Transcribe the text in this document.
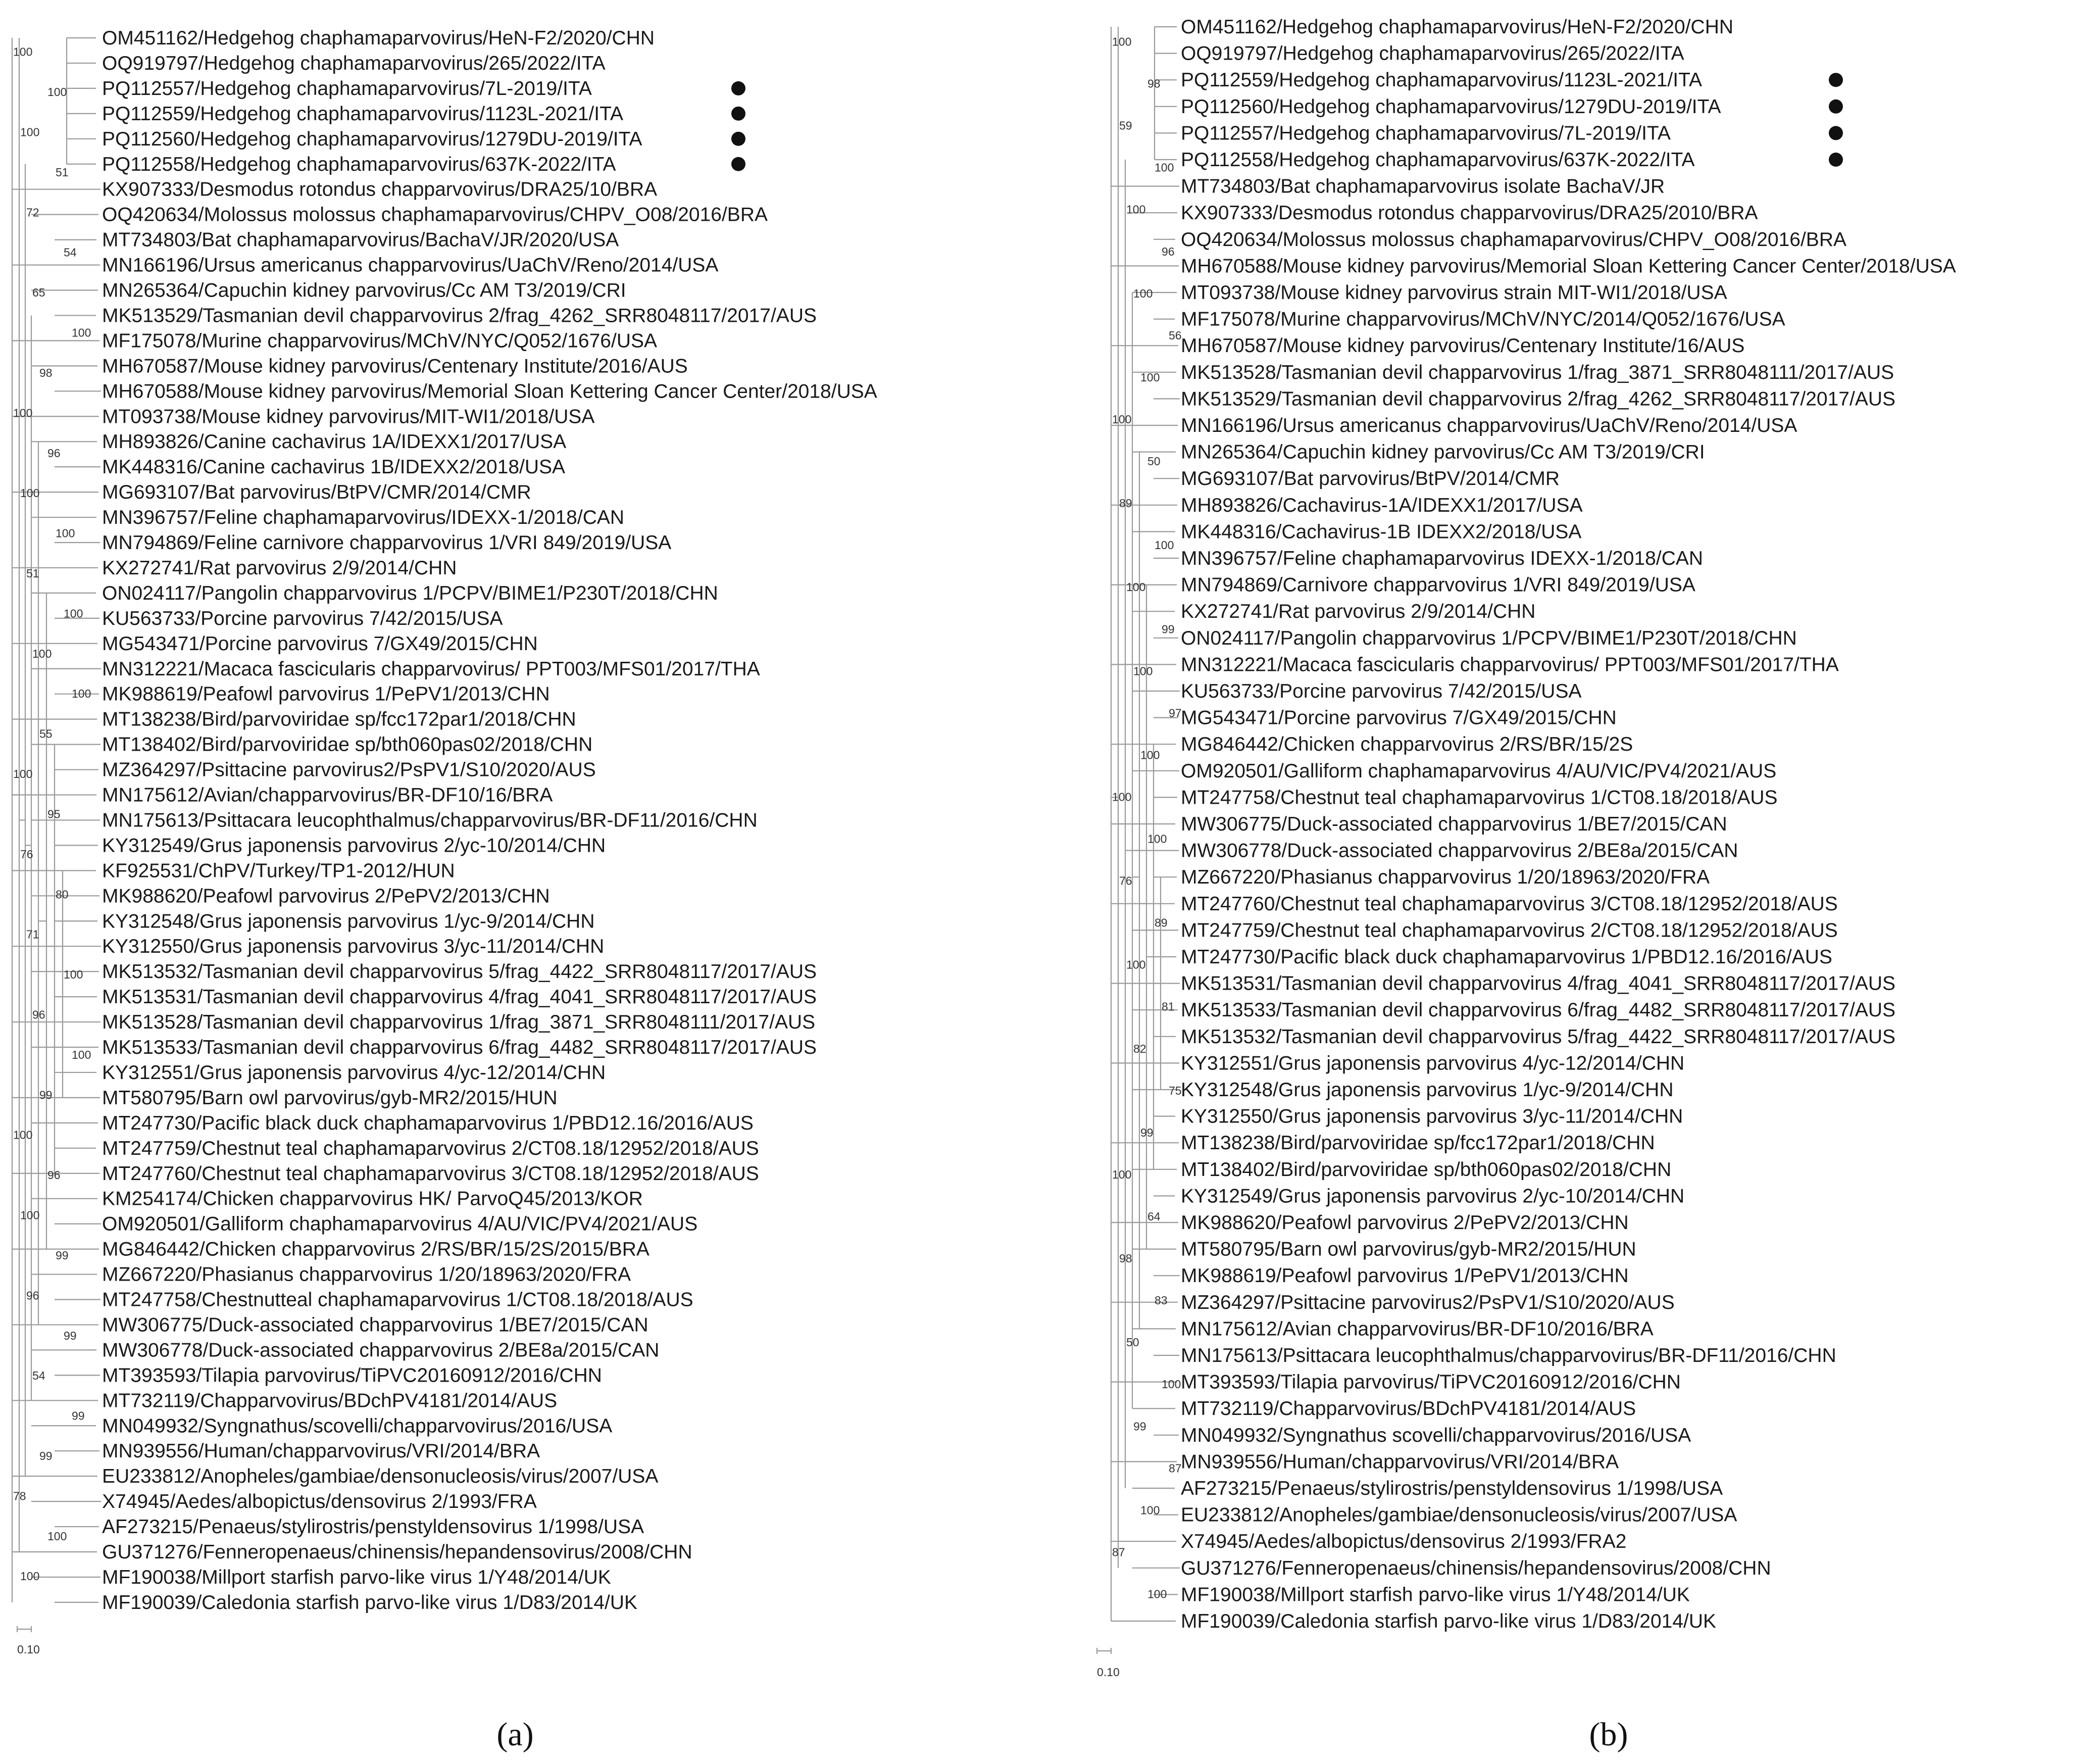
OM451162/Hedgehog chaphamaparvovirus/HeN-F2/2020/CHN
OQ919797/Hedgehog chaphamaparvovirus/265/2022/ITA
PQ112557/Hedgehog chaphamaparvovirus/7L-2019/ITA
PQ112559/Hedgehog chaphamaparvovirus/1123L-2021/ITA
PQ112560/Hedgehog chaphamaparvovirus/1279DU-2019/ITA
PQ112558/Hedgehog chaphamaparvovirus/637K-2022/ITA
KX907333/Desmodus rotondus chapparvovirus/DRA25/10/BRA
OQ420634/Molossus molossus chaphamaparvovirus/CHPV_O08/2016/BRA
MT734803/Bat chaphamaparvovirus/BachaV/JR/2020/USA
MN166196/Ursus americanus chapparvovirus/UaChV/Reno/2014/USA
MN265364/Capuchin kidney parvovirus/Cc AM T3/2019/CRI
MK513529/Tasmanian devil chapparvovirus 2/frag_4262_SRR8048117/2017/AUS
MF175078/Murine chapparvovirus/MChV/NYC/Q052/1676/USA
MH670587/Mouse kidney parvovirus/Centenary Institute/2016/AUS
MH670588/Mouse kidney parvovirus/Memorial Sloan Kettering Cancer Center/2018/USA
MT093738/Mouse kidney parvovirus/MIT-WI1/2018/USA
MH893826/Canine cachavirus 1A/IDEXX1/2017/USA
MK448316/Canine cachavirus 1B/IDEXX2/2018/USA
MG693107/Bat parvovirus/BtPV/CMR/2014/CMR
MN396757/Feline chaphamaparvovirus/IDEXX-1/2018/CAN
MN794869/Feline carnivore chapparvovirus 1/VRI 849/2019/USA
KX272741/Rat parvovirus 2/9/2014/CHN
ON024117/Pangolin chapparvovirus 1/PCPV/BIME1/P230T/2018/CHN
KU563733/Porcine parvovirus 7/42/2015/USA
MG543471/Porcine parvovirus 7/GX49/2015/CHN
MN312221/Macaca fascicularis chapparvovirus/ PPT003/MFS01/2017/THA
MK988619/Peafowl parvovirus 1/PePV1/2013/CHN
MT138238/Bird/parvoviridae sp/fcc172par1/2018/CHN
MT138402/Bird/parvoviridae sp/bth060pas02/2018/CHN
MZ364297/Psittacine parvovirus2/PsPV1/S10/2020/AUS
MN175612/Avian/chapparvovirus/BR-DF10/16/BRA
MN175613/Psittacara leucophthalmus/chapparvovirus/BR-DF11/2016/CHN
KY312549/Grus japonensis parvovirus 2/yc-10/2014/CHN
KF925531/ChPV/Turkey/TP1-2012/HUN
MK988620/Peafowl parvovirus 2/PePV2/2013/CHN
KY312548/Grus japonensis parvovirus 1/yc-9/2014/CHN
KY312550/Grus japonensis parvovirus 3/yc-11/2014/CHN
MK513532/Tasmanian devil chapparvovirus 5/frag_4422_SRR8048117/2017/AUS
MK513531/Tasmanian devil chapparvovirus 4/frag_4041_SRR8048117/2017/AUS
MK513528/Tasmanian devil chapparvovirus 1/frag_3871_SRR8048111/2017/AUS
MK513533/Tasmanian devil chapparvovirus 6/frag_4482_SRR8048117/2017/AUS
KY312551/Grus japonensis parvovirus 4/yc-12/2014/CHN
MT580795/Barn owl parvovirus/gyb-MR2/2015/HUN
MT247730/Pacific black duck chaphamaparvovirus 1/PBD12.16/2016/AUS
MT247759/Chestnut teal chaphamaparvovirus 2/CT08.18/12952/2018/AUS
MT247760/Chestnut teal chaphamaparvovirus 3/CT08.18/12952/2018/AUS
KM254174/Chicken chapparvovirus HK/ ParvoQ45/2013/KOR
OM920501/Galliform chaphamaparvovirus 4/AU/VIC/PV4/2021/AUS
MG846442/Chicken chapparvovirus 2/RS/BR/15/2S/2015/BRA
MZ667220/Phasianus chapparvovirus 1/20/18963/2020/FRA
MT247758/Chestnutteal chaphamaparvovirus 1/CT08.18/2018/AUS
MW306775/Duck-associated chapparvovirus 1/BE7/2015/CAN
MW306778/Duck-associated chapparvovirus 2/BE8a/2015/CAN
MT393593/Tilapia parvovirus/TiPVC20160912/2016/CHN
MT732119/Chapparvovirus/BDchPV4181/2014/AUS
MN049932/Syngnathus/scovelli/chapparvovirus/2016/USA
MN939556/Human/chapparvovirus/VRI/2014/BRA
EU233812/Anopheles/gambiae/densonucleosis/virus/2007/USA
X74945/Aedes/albopictus/densovirus 2/1993/FRA
AF273215/Penaeus/stylirostris/penstyldensovirus 1/1998/USA
GU371276/Fenneropenaeus/chinensis/hepandensovirus/2008/CHN
MF190038/Millport starfish parvo-like virus 1/Y48/2014/UK
MF190039/Caledonia starfish parvo-like virus 1/D83/2014/UK
100
100
100
51
72
54
65
100
98
100
96
100
100
51
100
100
100
55
100
95
76
80
71
100
96
100
99
100
96
100
99
96
99
54
99
99
78
100
100
0.10
(a)
OM451162/Hedgehog chaphamaparvovirus/HeN-F2/2020/CHN
OQ919797/Hedgehog chaphamaparvovirus/265/2022/ITA
PQ112559/Hedgehog chaphamaparvovirus/1123L-2021/ITA
PQ112560/Hedgehog chaphamaparvovirus/1279DU-2019/ITA
PQ112557/Hedgehog chaphamaparvovirus/7L-2019/ITA
PQ112558/Hedgehog chaphamaparvovirus/637K-2022/ITA
MT734803/Bat chaphamaparvovirus isolate BachaV/JR
KX907333/Desmodus rotondus chapparvovirus/DRA25/2010/BRA
OQ420634/Molossus molossus chaphamaparvovirus/CHPV_O08/2016/BRA
MH670588/Mouse kidney parvovirus/Memorial Sloan Kettering Cancer Center/2018/USA
MT093738/Mouse kidney parvovirus strain MIT-WI1/2018/USA
MF175078/Murine chapparvovirus/MChV/NYC/2014/Q052/1676/USA
MH670587/Mouse kidney parvovirus/Centenary Institute/16/AUS
MK513528/Tasmanian devil chapparvovirus 1/frag_3871_SRR8048111/2017/AUS
MK513529/Tasmanian devil chapparvovirus 2/frag_4262_SRR8048117/2017/AUS
MN166196/Ursus americanus chapparvovirus/UaChV/Reno/2014/USA
MN265364/Capuchin kidney parvovirus/Cc AM T3/2019/CRI
MG693107/Bat parvovirus/BtPV/2014/CMR
MH893826/Cachavirus-1A/IDEXX1/2017/USA
MK448316/Cachavirus-1B IDEXX2/2018/USA
MN396757/Feline chaphamaparvovirus IDEXX-1/2018/CAN
MN794869/Carnivore chapparvovirus 1/VRI 849/2019/USA
KX272741/Rat parvovirus 2/9/2014/CHN
ON024117/Pangolin chapparvovirus 1/PCPV/BIME1/P230T/2018/CHN
MN312221/Macaca fascicularis chapparvovirus/ PPT003/MFS01/2017/THA
KU563733/Porcine parvovirus 7/42/2015/USA
MG543471/Porcine parvovirus 7/GX49/2015/CHN
MG846442/Chicken chapparvovirus 2/RS/BR/15/2S
OM920501/Galliform chaphamaparvovirus 4/AU/VIC/PV4/2021/AUS
MT247758/Chestnut teal chaphamaparvovirus 1/CT08.18/2018/AUS
MW306775/Duck-associated chapparvovirus 1/BE7/2015/CAN
MW306778/Duck-associated chapparvovirus 2/BE8a/2015/CAN
MZ667220/Phasianus chapparvovirus 1/20/18963/2020/FRA
MT247760/Chestnut teal chaphamaparvovirus 3/CT08.18/12952/2018/AUS
MT247759/Chestnut teal chaphamaparvovirus 2/CT08.18/12952/2018/AUS
MT247730/Pacific black duck chaphamaparvovirus 1/PBD12.16/2016/AUS
MK513531/Tasmanian devil chapparvovirus 4/frag_4041_SRR8048117/2017/AUS
MK513533/Tasmanian devil chapparvovirus 6/frag_4482_SRR8048117/2017/AUS
MK513532/Tasmanian devil chapparvovirus 5/frag_4422_SRR8048117/2017/AUS
KY312551/Grus japonensis parvovirus 4/yc-12/2014/CHN
KY312548/Grus japonensis parvovirus 1/yc-9/2014/CHN
KY312550/Grus japonensis parvovirus 3/yc-11/2014/CHN
MT138238/Bird/parvoviridae sp/fcc172par1/2018/CHN
MT138402/Bird/parvoviridae sp/bth060pas02/2018/CHN
KY312549/Grus japonensis parvovirus 2/yc-10/2014/CHN
MK988620/Peafowl parvovirus 2/PePV2/2013/CHN
MT580795/Barn owl parvovirus/gyb-MR2/2015/HUN
MK988619/Peafowl parvovirus 1/PePV1/2013/CHN
MZ364297/Psittacine parvovirus2/PsPV1/S10/2020/AUS
MN175612/Avian chapparvovirus/BR-DF10/2016/BRA
MN175613/Psittacara leucophthalmus/chapparvovirus/BR-DF11/2016/CHN
MT393593/Tilapia parvovirus/TiPVC20160912/2016/CHN
MT732119/Chapparvovirus/BDchPV4181/2014/AUS
MN049932/Syngnathus scovelli/chapparvovirus/2016/USA
MN939556/Human/chapparvovirus/VRI/2014/BRA
AF273215/Penaeus/stylirostris/penstyldensovirus 1/1998/USA
EU233812/Anopheles/gambiae/densonucleosis/virus/2007/USA
X74945/Aedes/albopictus/densovirus 2/1993/FRA2
GU371276/Fenneropenaeus/chinensis/hepandensovirus/2008/CHN
MF190038/Millport starfish parvo-like virus 1/Y48/2014/UK
MF190039/Caledonia starfish parvo-like virus 1/D83/2014/UK
100
98
59
100
100
96
100
56
100
100
50
89
100
100
99
100
97
100
100
100
76
89
100
81
82
75
99
100
64
98
83
50
100
99
87
100
87
100
0.10
(b)
